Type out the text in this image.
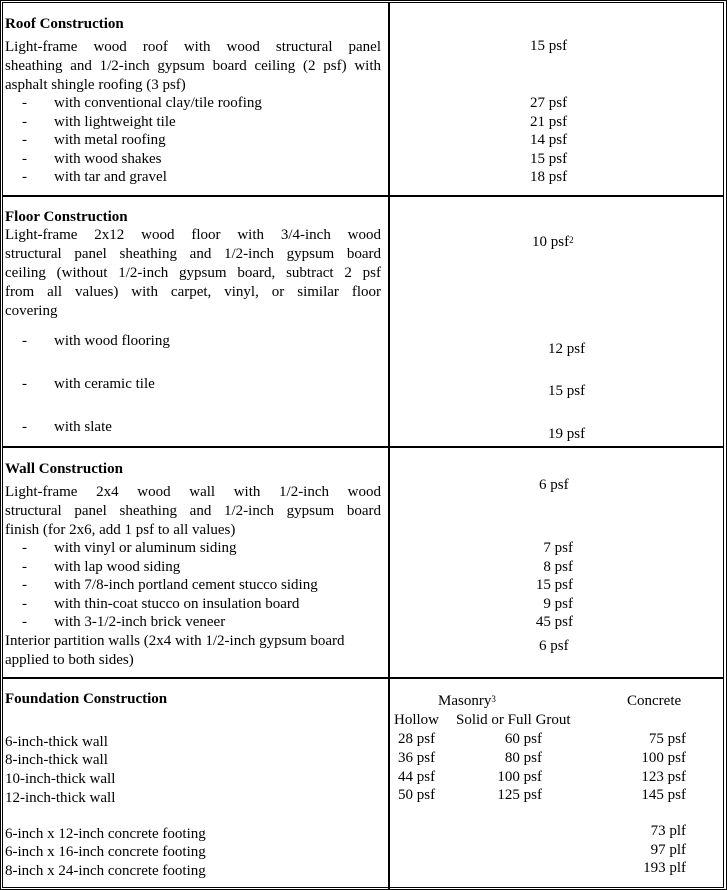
Roof Construction
Light-frame wood roof with wood structural panel
sheathing and 1/2-inch gypsum board ceiling (2 psf) with
asphalt shingle roofing (3 psf)
15 psf
- with conventional clay/tile roofing
- with lightweight tile
- with metal roofing
- with wood shakes
- with tar and gravel
27 psf
21 psf
14 psf
15 psf
18 psf
Floor Construction
Light-frame 2x12 wood floor with 3/4-inch wood
structural panel sheathing and 1/2-inch gypsum board
ceiling (without 1/2-inch gypsum board, subtract 2 psf
from all values) with carpet, vinyl, or similar floor
covering
10 psf$^2$
- with wood flooring
- with ceramic tile
- with slate
12 psf
15 psf
19 psf
Wall Construction
Light-frame 2x4 wood wall with 1/2-inch wood
structural panel sheathing and 1/2-inch gypsum board
finish (for 2x6, add 1 psf to all values)
6 psf
- with vinyl or aluminum siding
- with lap wood siding
- with 7/8-inch portland cement stucco siding
- with thin-coat stucco on insulation board
- with 3-1/2-inch brick veneer
7 psf
8 psf
15 psf
9 psf
45 psf
Interior partition walls (2x4 with 1/2-inch gypsum board
applied to both sides)
6 psf
Foundation Construction	Masonry$^3$	Concrete
Hollow Solid or Full Grout
6-inch-thick wall
8-inch-thick wall
10-inch-thick wall
12-inch-thick wall
28 psf
36 psf
44 psf
50 psf
60 psf
80 psf
100 psf
125 psf
75 psf
100 psf
123 psf
145 psf
6-inch x 12-inch concrete footing
6-inch x 16-inch concrete footing
8-inch x 24-inch concrete footing
73 plf
97 plf
193 plf
